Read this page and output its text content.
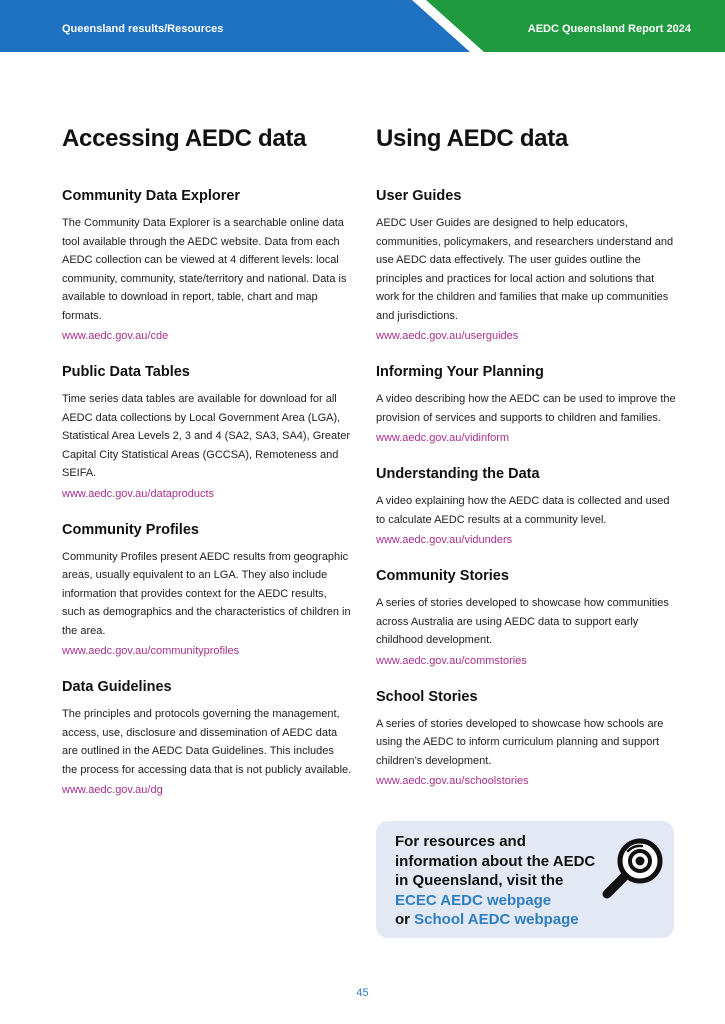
Queensland results/Resources	AEDC Queensland Report 2024
Accessing AEDC data
Community Data Explorer

The Community Data Explorer is a searchable online data tool available through the AEDC website. Data from each AEDC collection can be viewed at 4 different levels: local community, community, state/territory and national. Data is available to download in report, table, chart and map formats.

www.aedc.gov.au/cde
Public Data Tables

Time series data tables are available for download for all AEDC data collections by Local Government Area (LGA), Statistical Area Levels 2, 3 and 4 (SA2, SA3, SA4), Greater Capital City Statistical Areas (GCCSA), Remoteness and SEIFA.

www.aedc.gov.au/dataproducts
Community Profiles

Community Profiles present AEDC results from geographic areas, usually equivalent to an LGA. They also include information that provides context for the AEDC results, such as demographics and the characteristics of children in the area.

www.aedc.gov.au/communityprofiles
Data Guidelines

The principles and protocols governing the management, access, use, disclosure and dissemination of AEDC data are outlined in the AEDC Data Guidelines. This includes the process for accessing data that is not publicly available.

www.aedc.gov.au/dg
Using AEDC data
User Guides

AEDC User Guides are designed to help educators, communities, policymakers, and researchers understand and use AEDC data effectively. The user guides outline the principles and practices for local action and solutions that work for the children and families that make up communities and jurisdictions.

www.aedc.gov.au/userguides
Informing Your Planning

A video describing how the AEDC can be used to improve the provision of services and supports to children and families.

www.aedc.gov.au/vidinform
Understanding the Data

A video explaining how the AEDC data is collected and used to calculate AEDC results at a community level.

www.aedc.gov.au/vidunders
Community Stories

A series of stories developed to showcase how communities across Australia are using AEDC data to support early childhood development.

www.aedc.gov.au/commstories
School Stories

A series of stories developed to showcase how schools are using the AEDC to inform curriculum planning and support children’s development.

www.aedc.gov.au/schoolstories
For resources and information about the AEDC in Queensland, visit the ECEC AEDC webpage
or School AEDC webpage
45
